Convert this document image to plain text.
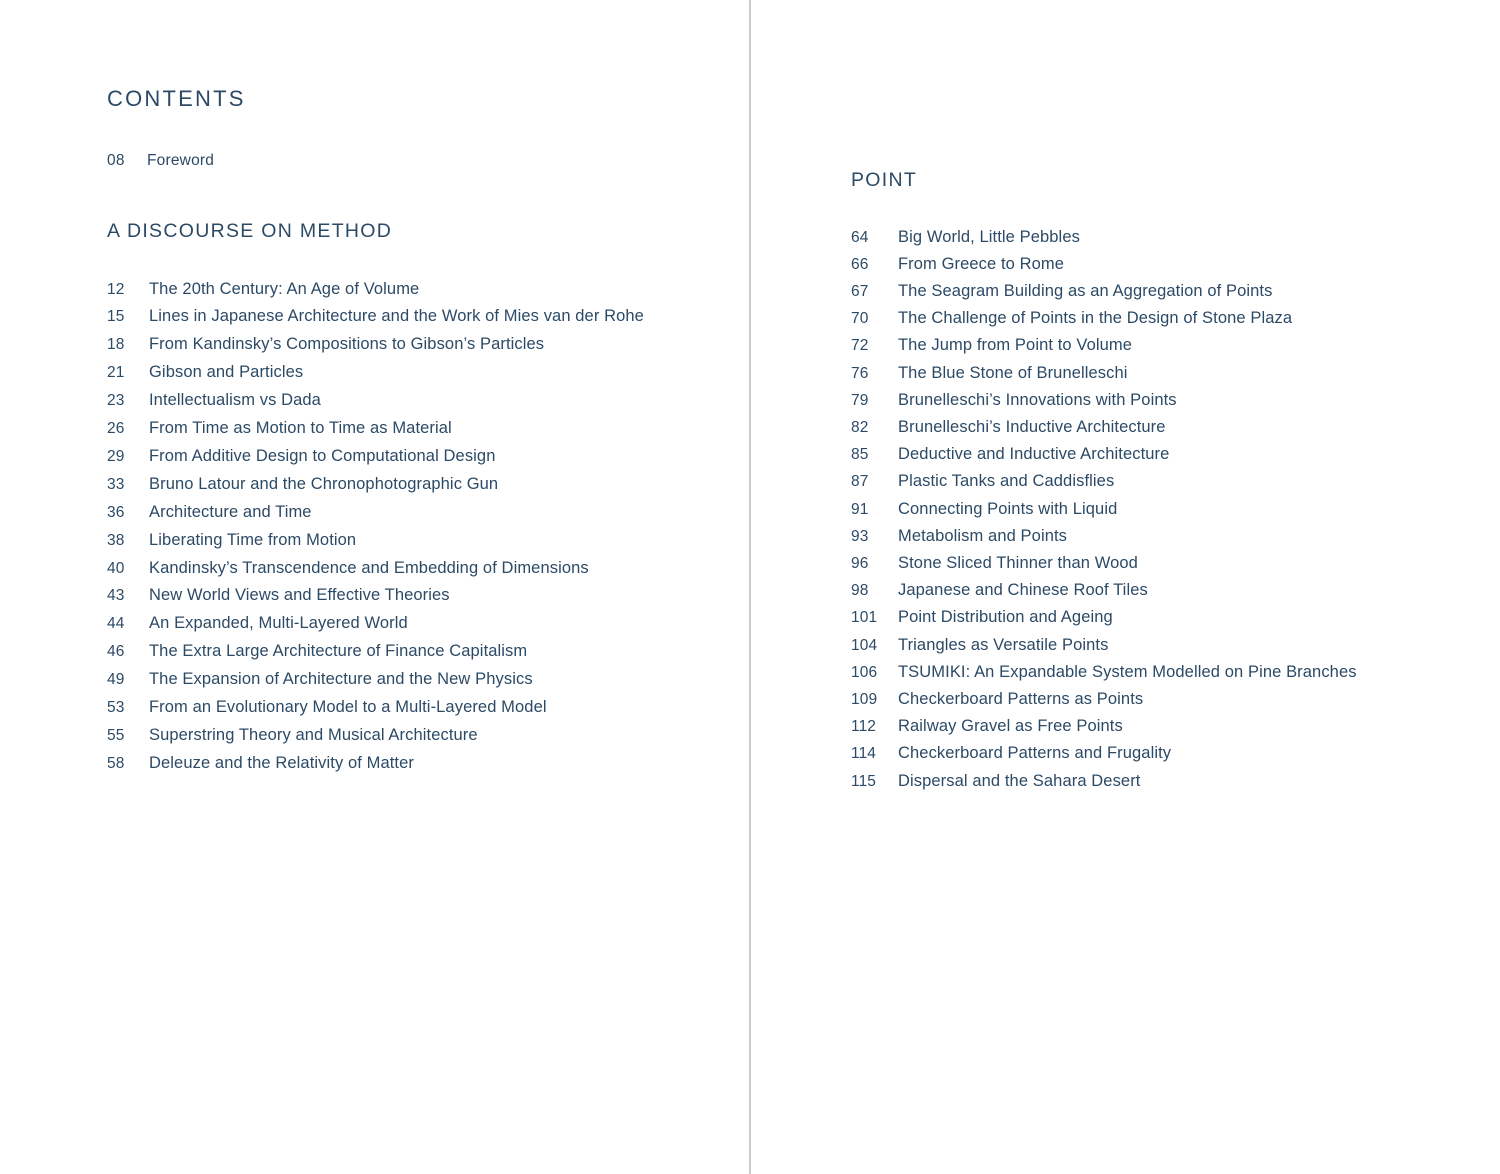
CONTENTS
08	Foreword
A DISCOURSE ON METHOD
12	The 20th Century: An Age of Volume
15	Lines in Japanese Architecture and the Work of Mies van der Rohe
18	From Kandinsky’s Compositions to Gibson’s Particles
21	Gibson and Particles
23	Intellectualism vs Dada
26	From Time as Motion to Time as Material
29	From Additive Design to Computational Design
33	Bruno Latour and the Chronophotographic Gun
36	Architecture and Time
38	Liberating Time from Motion
40	Kandinsky’s Transcendence and Embedding of Dimensions
43	New World Views and Effective Theories
44	An Expanded, Multi-Layered World
46	The Extra Large Architecture of Finance Capitalism
49	The Expansion of Architecture and the New Physics
53	From an Evolutionary Model to a Multi-Layered Model
55	Superstring Theory and Musical Architecture
58	Deleuze and the Relativity of Matter
POINT
64	Big World, Little Pebbles
66	From Greece to Rome
67	The Seagram Building as an Aggregation of Points
70	The Challenge of Points in the Design of Stone Plaza
72	The Jump from Point to Volume
76	The Blue Stone of Brunelleschi
79	Brunelleschi’s Innovations with Points
82	Brunelleschi’s Inductive Architecture
85	Deductive and Inductive Architecture
87	Plastic Tanks and Caddisflies
91	Connecting Points with Liquid
93	Metabolism and Points
96	Stone Sliced Thinner than Wood
98	Japanese and Chinese Roof Tiles
101	Point Distribution and Ageing
104	Triangles as Versatile Points
106	TSUMIKI: An Expandable System Modelled on Pine Branches
109	Checkerboard Patterns as Points
112	Railway Gravel as Free Points
114	Checkerboard Patterns and Frugality
115	Dispersal and the Sahara Desert
